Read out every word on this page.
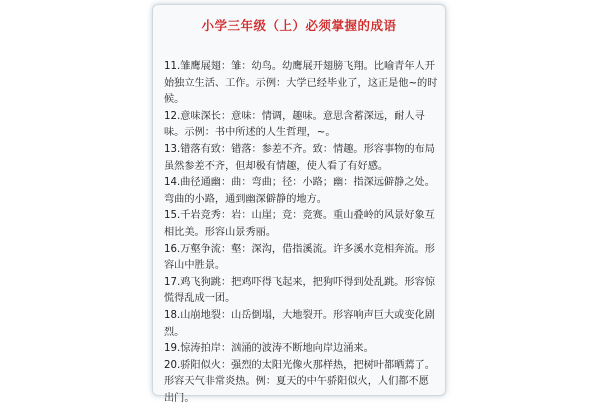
小学三年级（上）必须掌握的成语

11.雏鹰展翅：雏：幼鸟。幼鹰展开翅膀飞翔。比喻青年人开始独立生活、工作。示例：大学已经毕业了，这正是他~的时候。

12.意味深长：意味：情调，趣味。意思含蓄深远，耐人寻味。示例：书中所述的人生哲理，~。

13.错落有致：错落：参差不齐。致：情趣。形容事物的布局虽然参差不齐，但却极有情趣，使人看了有好感。

14.曲径通幽：曲：弯曲；径：小路；幽：指深远僻静之处。弯曲的小路，通到幽深僻静的地方。

15.千岩竞秀：岩：山崖；竞：竞赛。重山叠岭的风景好象互相比美。形容山景秀丽。

16.万壑争流：壑：深沟，借指溪流。许多溪水竞相奔流。形容山中胜景。

17.鸡飞狗跳：把鸡吓得飞起来，把狗吓得到处乱跳。形容惊慌得乱成一团。

18.山崩地裂：山岳倒塌，大地裂开。形容响声巨大或变化剧烈。

19.惊涛拍岸：汹涌的波涛不断地向岸边涌来。

20.骄阳似火：强烈的太阳光像火那样热，把树叶都晒蔫了。形容天气非常炎热。例：夏天的中午骄阳似火，人们都不愿出门。
